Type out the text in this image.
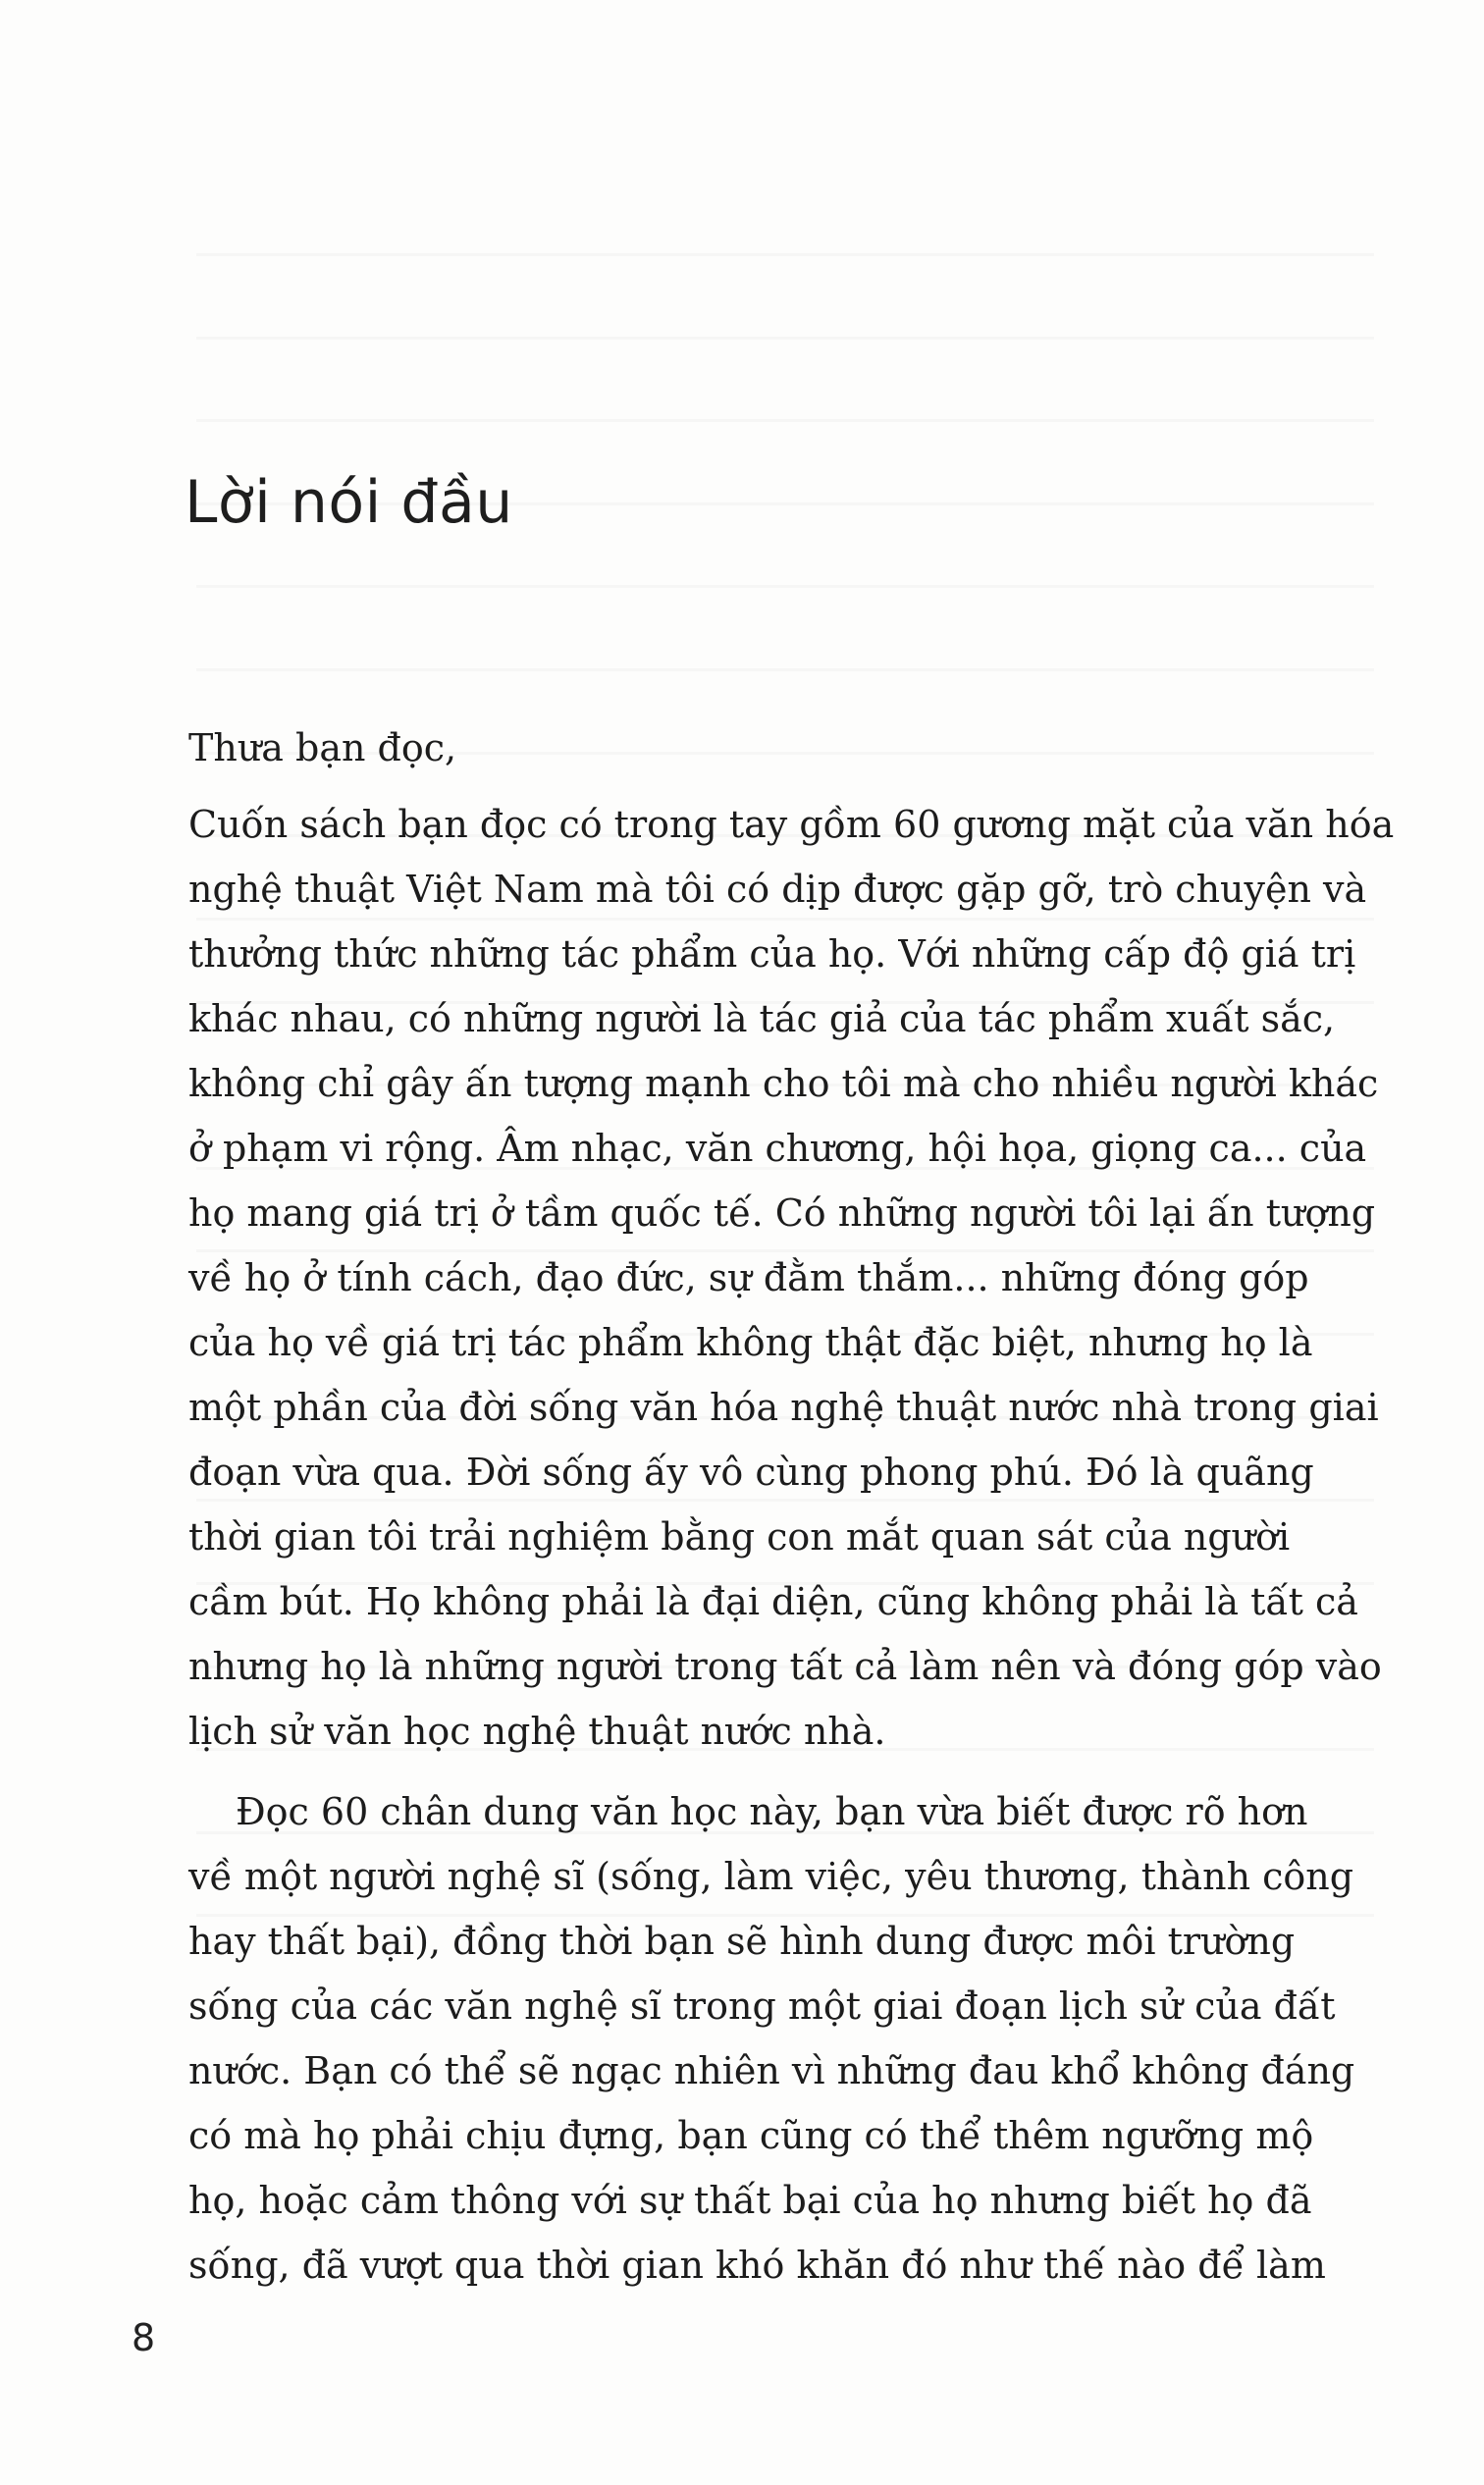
Lời nói đầu

Thưa bạn đọc,

Cuốn sách bạn đọc có trong tay gồm 60 gương mặt của văn hóa

nghệ thuật Việt Nam mà tôi có dịp được gặp gỡ, trò chuyện và

thưởng thức những tác phẩm của họ. Với những cấp độ giá trị

khác nhau, có những người là tác giả của tác phẩm xuất sắc,

không chỉ gây ấn tượng mạnh cho tôi mà cho nhiều người khác

ở phạm vi rộng. Âm nhạc, văn chương, hội họa, giọng ca... của

họ mang giá trị ở tầm quốc tế. Có những người tôi lại ấn tượng

về họ ở tính cách, đạo đức, sự đằm thắm... những đóng góp

của họ về giá trị tác phẩm không thật đặc biệt, nhưng họ là

một phần của đời sống văn hóa nghệ thuật nước nhà trong giai

đoạn vừa qua. Đời sống ấy vô cùng phong phú. Đó là quãng

thời gian tôi trải nghiệm bằng con mắt quan sát của người

cầm bút. Họ không phải là đại diện, cũng không phải là tất cả

nhưng họ là những người trong tất cả làm nên và đóng góp vào

lịch sử văn học nghệ thuật nước nhà.

Đọc 60 chân dung văn học này, bạn vừa biết được rõ hơn

về một người nghệ sĩ (sống, làm việc, yêu thương, thành công

hay thất bại), đồng thời bạn sẽ hình dung được môi trường

sống của các văn nghệ sĩ trong một giai đoạn lịch sử của đất

nước. Bạn có thể sẽ ngạc nhiên vì những đau khổ không đáng

có mà họ phải chịu đựng, bạn cũng có thể thêm ngưỡng mộ

họ, hoặc cảm thông với sự thất bại của họ nhưng biết họ đã

sống, đã vượt qua thời gian khó khăn đó như thế nào để làm

8
